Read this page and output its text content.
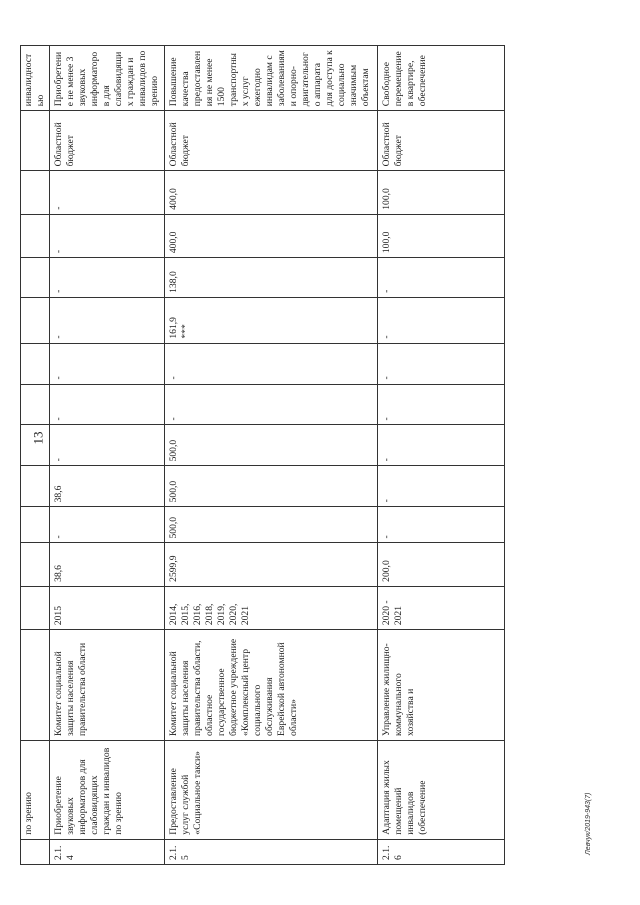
13
	по зрению														инвалидностью
2.1.4	Приобретение звуковых информаторов для слабовидящих граждан и инвалидов по зрению	Комитет социальной защиты населения правительства области	2015	38,6	-	38,6	-	-	-	-	-	-	-	Областной бюджет	Приобретение не менее 3 звуковых информаторов для слабовидящих граждан и инвалидов по зрению
2.1.5	Предоставление услуг службой «Социальное такси»	Комитет социальной защиты населения правительства области, областное государственное бюджетное учреждение «Комплексный центр социального обслуживания Еврейской автономной области»	2014, 2015, 2016, 2018, 2019, 2020, 2021	2599,9	500,0	500,0	500,0	-	-	161,9 ***	138,0	400,0	400,0	Областной бюджет	Повышение качества предоставления не менее 1500 транспортных услуг ежегодно инвалидам с заболеваниями опорно-двигательного аппарата для доступа к социально значимым объектам
2.1.6	Адаптация жилых помещений инвалидов (обеспечение	Управление жилищно-коммунального хозяйства и	2020 - 2021	200,0	-	-	-	-	-	-	-	100,0	100,0	Областной бюджет	Свободное перемещение в квартире, обеспечение
Левчук/2019-943(7)
